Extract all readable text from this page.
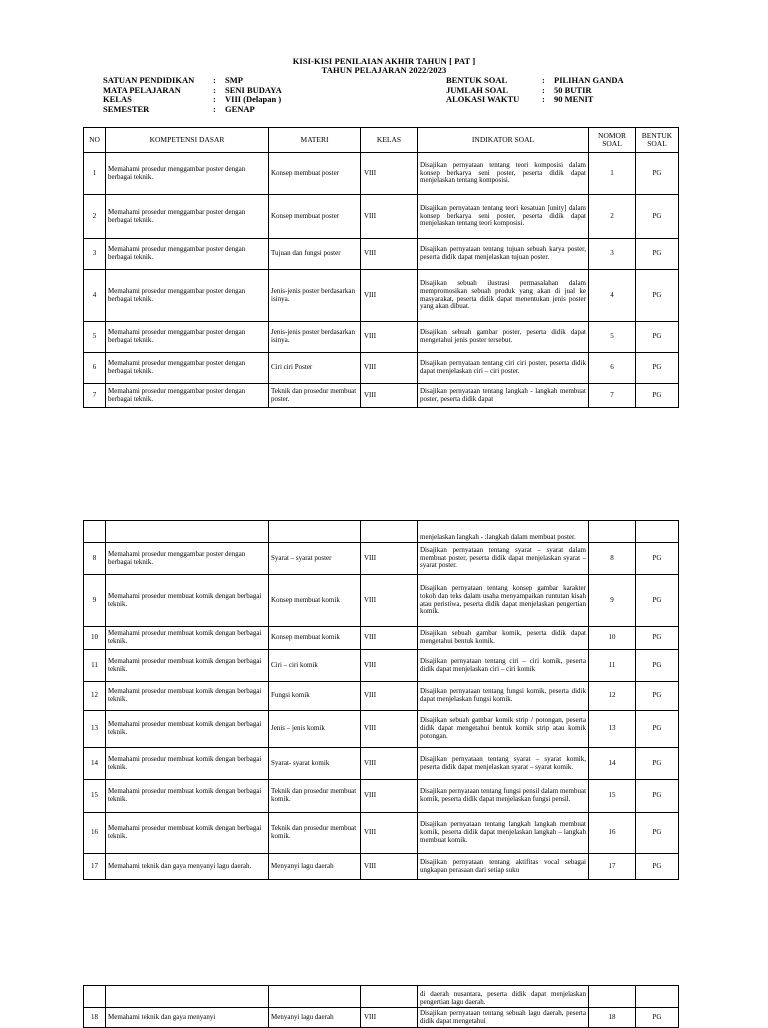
KISI-KISI PENILAIAN AKHIR TAHUN [ PAT ]
TAHUN PELAJARAN 2022/2023
SATUAN PENDIDIKAN	:	SMP
MATA PELAJARAN	:	SENI BUDAYA
KELAS	:	VIII (Delapan )
SEMESTER	:	GENAP
BENTUK SOAL	:	PILIHAN GANDA
JUMLAH SOAL	:	50 BUTIR
ALOKASI WAKTU	:	90 MENIT
NO	KOMPETENSI DASAR	MATERI	KELAS	INDIKATOR SOAL	NOMOR SOAL	BENTUK SOAL
1	Memahami prosedur menggambar poster dengan berbagai teknik.	Konsep membuat poster	VIII	Disajikan pernyataan tentang teori komposisi dalam konsep berkarya seni poster, peserta didik dapat menjelaskan tentang komposisi.	1	PG
2	Memahami prosedur menggambar poster dengan berbagai teknik.	Konsep membuat poster	VIII	Disajikan pernyataan tentang teori kesatuan [unity] dalam konsep berkarya seni poster, peserta didik dapat menjelaskan tentang teori komposisi.	2	PG
3	Memahami prosedur menggambar poster dengan berbagai teknik.	Tujuan dan fungsi poster	VIII	Disajikan pernyataan tentang tujuan sebuah karya poster, peserta didik dapat menjelaskan tujuan poster.	3	PG
4	Memahami prosedur menggambar poster dengan berbagai teknik.	Jenis-jenis poster berdasarkan isinya.	VIII	Disajikan sebuah ilustrasi permasalahan dalam mempromosikan sebuah produk yang akan di jual ke masyarakat, peserta didik dapat menentukan jenis poster yang akan dibuat.	4	PG
5	Memahami prosedur menggambar poster dengan berbagai teknik.	Jenis-jenis poster berdasarkan isinya.	VIII	Disajikan sebuah gambar poster, peserta didik dapat mengetahui jenis poster tersebut.	5	PG
6	Memahami prosedur menggambar poster dengan berbagai teknik.	Ciri ciri Poster	VIII	Disajikan pernyataan tentang ciri ciri poster, peserta didik dapat menjelaskan ciri – ciri poster.	6	PG
7	Memahami prosedur menggambar poster dengan berbagai teknik.	Teknik dan prosedur membuat poster.	VIII	Disajikan pernyataan tentang langkah - langkah membuat poster, peserta didik dapat	7	PG
				menjelaskan langkah - :langkah dalam membuat poster.		
8	Memahami prosedur menggambar poster dengan berbagai teknik.	Syarat – syarat poster	VIII	Disajikan pernyataan tentang syarat – syarat dalam membuat poster, peserta didik dapat menjelaskan syarat – syarat poster.	8	PG
9	Memahami prosedur membuat komik dengan berbagai teknik.	Konsep membuat komik	VIII	Disajikan pernyataan tentang konsep gambar karakter tokoh dan teks dalam usaha menyampaikan runtutan kisah atau peristiwa, peserta didik dapat menjelaskan pengertian komik.	9	PG
10	Memahami prosedur membuat komik dengan berbagai teknik.	Konsep membuat komik	VIII	Disajikan sebuah gambar komik, peserta didik dapat mengetahui bentuk komik.	10	PG
11	Memahami prosedur membuat komik dengan berbagai teknik.	Ciri – ciri komik	VIII	Disajikan pernyataan tentang ciri – ciri komik, peserta didik dapat menjelaskan ciri – ciri komik	11	PG
12	Memahami prosedur membuat komik dengan berbagai teknik.	Fungsi komik	VIII	Disajikan pernyataan tentang fungsi komik, peserta didik dapat menjelaskan fungsi komik.	12	PG
13	Memahami prosedur membuat komik dengan berbagai teknik.	Jenis – jenis komik	VIII	Disajikan sebuah gambar komik strip / potongan, peserta didik dapat mengetahui bentuk komik strip atau komik potongan.	13	PG
14	Memahami prosedur membuat komik dengan berbagai teknik.	Syarat- syarat komik	VIII	Disajikan pernyataan tentang syarat – syarat komik, peserta didik dapat menjelaskan syarat – syarat komik.	14	PG
15	Memahami prosedur membuat komik dengan berbagai teknik.	Teknik dan prosedur membuat komik.	VIII	Disajikan pernyataan tentang fungsi pensil dalam membuat komik, peserta didik dapat menjelaskan fungsi pensil.	15	PG
16	Memahami prosedur membuat komik dengan berbagai teknik.	Teknik dan prosedur membuat komik.	VIII	Disajikan pernyataan tentang langkah langkah membuat komik, peserta didik dapat menjelaskan langkah – langkah membuat komik.	16	PG
17	Memahami teknik dan gaya menyanyi lagu daerah.	Menyanyi lagu daerah	VIII	Disajikan pernyataan tentang aktifitas vocal sebagai ungkapan perasaan dari setiap suku	17	PG
				di daerah nusantara, peserta didik dapat menjelaskan pengertian lagu daerah.		
18	Memahami teknik dan gaya menyanyi	Menyanyi lagu daerah	VIII	Disajikan pernyataan tentang sebuah lagu daerah, peserta didik dapat mengetahui	18	PG
